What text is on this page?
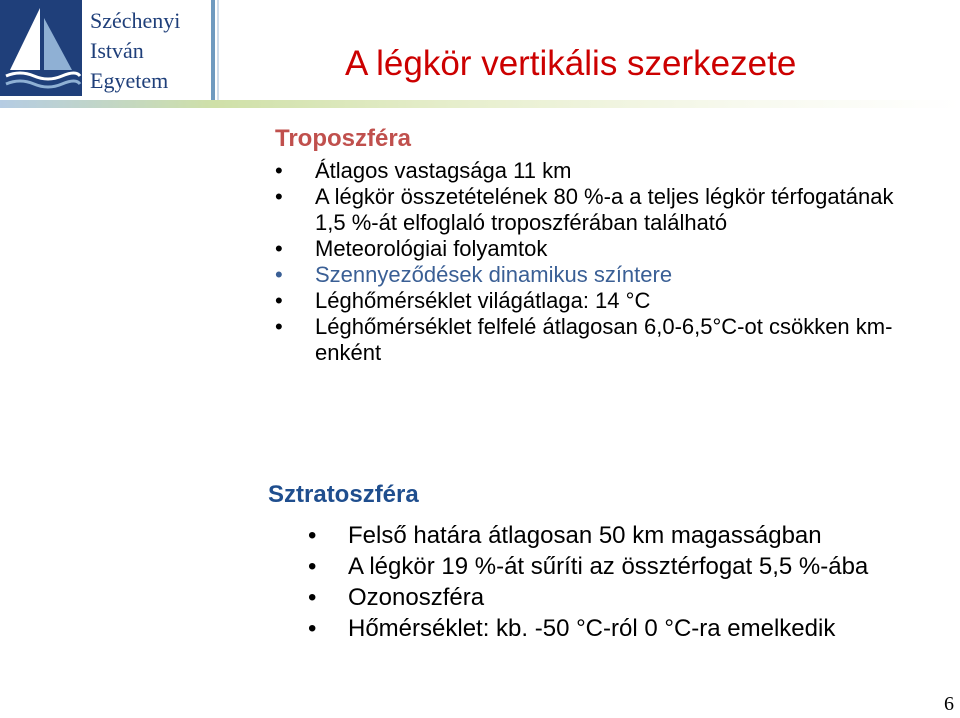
Széchenyi
István
Egyetem	A légkör vertikális szerkezete
Troposzféra
• Átlagos vastagsága 11 km
• A légkör összetételének 80 %-a a teljes légkör térfogatának 1,5 %-át elfoglaló troposzférában található
• Meteorológiai folyamtok
• Szennyeződések dinamikus színtere
• Léghőmérséklet világátlaga: 14 °C
• Léghőmérséklet felfelé átlagosan 6,0-6,5°C-ot csökken km-enként
Sztratoszféra
• Felső határa átlagosan 50 km magasságban
• A légkör 19 %-át sűríti az össztérfogat 5,5 %-ába
• Ozonoszféra
• Hőmérséklet: kb. -50 °C-ról 0 °C-ra emelkedik
6
